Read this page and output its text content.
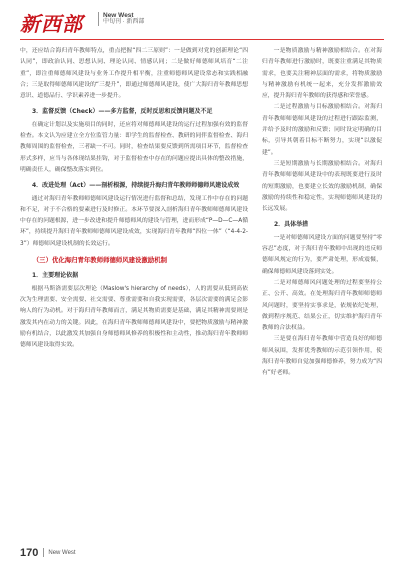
新西部	New West
中旬刊 · 新西部

中，还应结合海归青年教师特点，重点把握“四二三原则”：一是做到对党的创新理论“四认同”，即政治认同、思想认同、理论认同、情感认同；二是做好师德师风培育“二注重”，即注重师德师风建设与业务工作提升相平衡，注重师德师风建设常态和实践相融合；三是取得师德师风建设的“三提升”，即通过师德师风建设，使广大海归青年教师思想意识、道德品行、学识素养进一步提升。

3．监督反馈（Check）——多方监督，反时反思和反馈问题及不足

在确定计划以及实施项目的同时，还应将对师德师风建设的运行过程加强有效的监督检查。本文认为应建立全方位监管力量：即学生的监督检查、教研的同伴监督检查、海归教师周围的监督检查，三者缺一不可。同时，检查结果要反馈到所需项目环节，监督检查形式多样，应当与各体现结果挂钩，对于监督检查中存在的问题应提出具体的整改措施，明确责任人，确保整改落实到位。

4．改进处理（Act）——剖析根源，持续提升海归青年教师师德师风建设成效

通过对海归青年教师师德师风建设运行情况进行监督和总结，发现工作中存在的问题和不足，对于不合格的要素进行及时修正。本环节要深入剖析海归青年教师师德师风建设中存在的问题根源，进一步改进和提升师德师风的建设与管理，进而形成“P—D—C—A循环”，持续提升海归青年教师师德师风建设成效，实现海归青年教师“四位一体”（“4-4-2-3”）师德师风建设机制的长效运行。

（三）优化海归青年教师师德师风建设激励机制
1．主要理论依据

根据马斯洛需要层次理论（Maslow's hierarchy of needs），人的需要从低到高依次为生理需要、安全需要、社交需要、尊重需要和自我实现需要，各层次需要的满足会影响人的行为动机。对于海归青年教师而言，满足其物质需要是基础，满足其精神需要则是激发其内在动力的关键。因此，在海归青年教师师德师风建设中，要把物质激励与精神激励有机结合，以此激发其加强自身师德师风修养的积极性和主动性，推动海归青年教师师德师风建设取得实效。

一是物质激励与精神激励相结合。在对海归青年教师进行激励时，既要注重满足其物质需求，也要关注精神层面的需求，将物质激励与精神激励有机统一起来，充分发挥激励效应，提升海归青年教师的获得感和荣誉感。

二是过程激励与目标激励相结合。对海归青年教师师德师风建设的过程进行跟踪监测，并给予及时的激励和反馈；同时设定明确的目标，引导其朝着目标不断努力，实现“以激促建”。

三是短期激励与长期激励相结合。对海归青年教师师德师风建设中的表现既要进行及时的短期激励，也要建立长效的激励机制，确保激励的持续性和稳定性，实现师德师风建设的长远发展。

2．具体举措

一是对师德师风建设方面的问题要坚持“零容忍”态度，对于海归青年教师中出现的违反师德师风规定的行为，要严肃处理，形成震慑，确保师德师风建设落到实处。

二是对师德师风问题处理的过程要坚持公正、公开、高效。在处理海归青年教师师德师风问题时，要坚持实事求是，依规依纪处理，做到程序规范、结果公正，切实维护海归青年教师的合法权益。

三是要在海归青年教师中营造良好的师德师风氛围，发挥优秀教师的示范引领作用，使海归青年教师自觉加强师德修养，努力成为“四有”好老师。

170 New West
